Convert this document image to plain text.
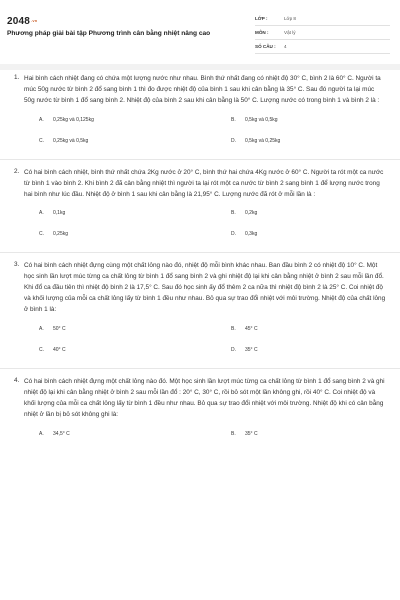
$2048^{.vn}$
Phương pháp giải bài tập Phương trình cân bằng nhiệt nâng cao
LỚP :	Lớp 8
MÔN :	Vật lý
SỐ CÂU : 4
1. Hai bình cách nhiệt đang có chứa một lượng nước như nhau. Bình thứ nhất đang có nhiệt độ 30° C, bình 2 là 60° C. Người ta múc 50g nước từ bình 2 đổ sang bình 1 thì đo được nhiệt độ của bình 1 sau khi cân bằng là 35° C. Sau đó người ta lại múc 50g nước từ bình 1 đổ sang bình 2. Nhiệt độ của bình 2 sau khi cân bằng là 50° C. Lượng nước có trong bình 1 và bình 2 là :
A. 0,25kg và 0,125kg	B. 0,5kg và 0,5kg
C. 0,25kg và 0,5kg	D. 0,5kg và 0,25kg
2. Có hai bình cách nhiệt, bình thứ nhất chứa 2Kg nước ở 20° C, bình thứ hai chứa 4Kg nước ở 60° C. Người ta rót một ca nước từ bình 1 vào bình 2. Khi bình 2 đã cân bằng nhiệt thì người ta lại rót một ca nước từ bình 2 sang bình 1 để lượng nước trong hai bình như lúc đầu. Nhiệt độ ở bình 1 sau khi cân bằng là 21,95° C. Lượng nước đã rót ở mỗi lần là :
A. 0,1kg	B. 0,2kg
C. 0,25kg	D. 0,3kg
3. Có hai bình cách nhiệt đựng cùng một chất lỏng nào đó, nhiệt độ mỗi bình khác nhau. Ban đầu bình 2 có nhiệt độ 10° C. Một học sinh lần lượt múc từng ca chất lỏng từ bình 1 đổ sang bình 2 và ghi nhiệt độ lại khi cân bằng nhiệt ở bình 2 sau mỗi lần đổ. Khi đổ ca đầu tiên thì nhiệt độ bình 2 là 17,5° C. Sau đó học sinh ấy đổ thêm 2 ca nữa thì nhiệt độ bình 2 là 25° C. Coi nhiệt độ và khối lượng của mỗi ca chất lỏng lấy từ bình 1 đều như nhau. Bỏ qua sự trao đổi nhiệt với môi trường. Nhiệt độ của chất lỏng ở bình 1 là:
A. 50° C	B. 45° C
C. 40° C	D. 35° C
4. Có hai bình cách nhiệt đựng một chất lỏng nào đó. Một học sinh lần lượt múc từng ca chất lỏng từ bình 1 đổ sang bình 2 và ghi nhiệt độ lại khi cân bằng nhiệt ở bình 2 sau mỗi lần đổ : 20° C, 30° C, rồi bỏ sót một lần không ghi, rồi 40° C. Coi nhiệt độ và khối lượng của mỗi ca chất lỏng lấy từ bình 1 đều như nhau. Bỏ qua sự trao đổi nhiệt với môi trường. Nhiệt độ khi có cân bằng nhiệt ở lần bị bỏ sót không ghi là:
A. 34,5° C	B. 35° C
